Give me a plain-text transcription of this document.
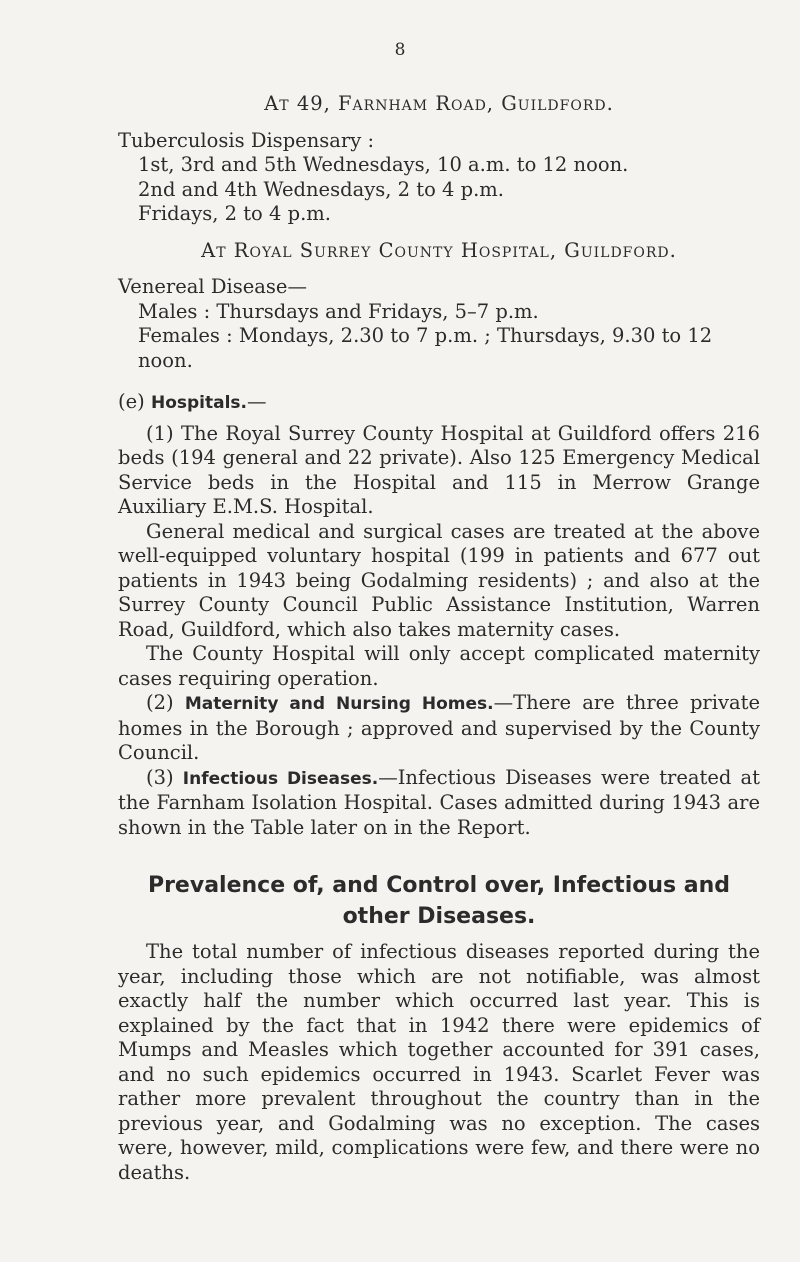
8

At 49, Farnham Road, Guildford.

Tuberculosis Dispensary :

1st, 3rd and 5th Wednesdays, 10 a.m. to 12 noon.

2nd and 4th Wednesdays, 2 to 4 p.m.

Fridays, 2 to 4 p.m.

At Royal Surrey County Hospital, Guildford.

Venereal Disease—

Males : Thursdays and Fridays, 5–7 p.m.

Females : Mondays, 2.30 to 7 p.m. ; Thursdays, 9.30 to 12 noon.

(e) Hospitals.—

(1) The Royal Surrey County Hospital at Guildford offers 216 beds (194 general and 22 private). Also 125 Emergency Medical Service beds in the Hospital and 115 in Merrow Grange Auxiliary E.M.S. Hospital.

General medical and surgical cases are treated at the above well-equipped voluntary hospital (199 in patients and 677 out patients in 1943 being Godalming residents) ; and also at the Surrey County Council Public Assistance Institution, Warren Road, Guildford, which also takes maternity cases.

The County Hospital will only accept complicated maternity cases requiring operation.

(2) Maternity and Nursing Homes.—There are three private homes in the Borough ; approved and supervised by the County Council.

(3) Infectious Diseases.—Infectious Diseases were treated at the Farnham Isolation Hospital. Cases admitted during 1943 are shown in the Table later on in the Report.

Prevalence of, and Control over, Infectious and other Diseases.

The total number of infectious diseases reported during the year, including those which are not notifiable, was almost exactly half the number which occurred last year. This is explained by the fact that in 1942 there were epidemics of Mumps and Measles which together accounted for 391 cases, and no such epidemics occurred in 1943. Scarlet Fever was rather more prevalent throughout the country than in the previous year, and Godalming was no exception. The cases were, however, mild, complications were few, and there were no deaths.
